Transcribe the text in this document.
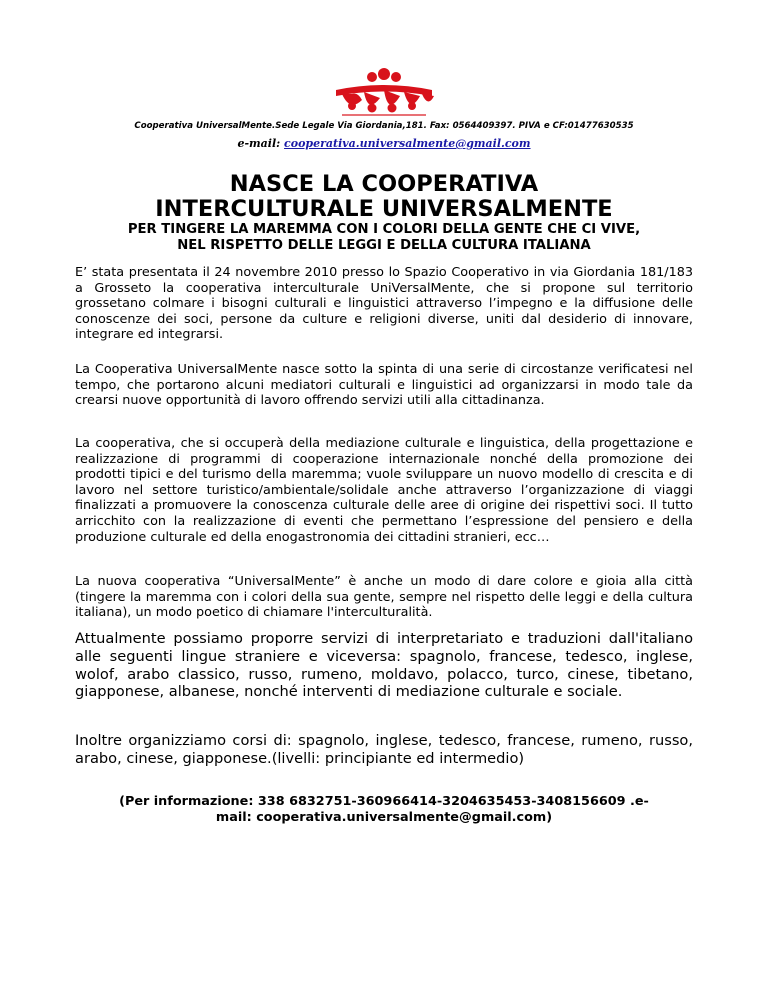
Cooperativa UniversalMente.Sede Legale Via Giordania,181. Fax: 0564409397. PIVA e CF:01477630535
e-mail: cooperativa.universalmente@gmail.com
NASCE LA COOPERATIVA
INTERCULTURALE UNIVERSALMENTE
PER TINGERE LA MAREMMA CON I COLORI DELLA GENTE CHE CI VIVE,
NEL RISPETTO DELLE LEGGI E DELLA CULTURA ITALIANA

E’ stata presentata il 24 novembre 2010 presso lo Spazio Cooperativo in via Giordania 181/183 a Grosseto la cooperativa interculturale UniVersalMente, che si propone sul territorio grossetano colmare i bisogni culturali e linguistici attraverso l’impegno e la diffusione delle conoscenze dei soci, persone da culture e religioni diverse, uniti dal desiderio di innovare, integrare ed integrarsi.

La Cooperativa UniversalMente nasce sotto la spinta di una serie di circostanze verificatesi nel tempo, che portarono alcuni mediatori culturali e linguistici ad organizzarsi in modo tale da crearsi nuove opportunità di lavoro offrendo servizi utili alla cittadinanza.

La cooperativa, che si occuperà della mediazione culturale e linguistica, della progettazione e realizzazione di programmi di cooperazione internazionale nonché della promozione dei prodotti tipici e del turismo della maremma; vuole sviluppare un nuovo modello di crescita e di lavoro nel settore turistico/ambientale/solidale anche attraverso l’organizzazione di viaggi finalizzati a promuovere la conoscenza culturale delle aree di origine dei rispettivi soci. Il tutto arricchito con la realizzazione di eventi che permettano l’espressione del pensiero e della produzione culturale ed della enogastronomia dei cittadini stranieri, ecc…

La nuova cooperativa “UniversalMente” è anche un modo di dare colore e gioia alla città (tingere la maremma con i colori della sua gente, sempre nel rispetto delle leggi e della cultura italiana), un modo poetico di chiamare l'interculturalità.

Attualmente possiamo proporre servizi di interpretariato e traduzioni dall'italiano alle seguenti lingue straniere e viceversa: spagnolo, francese, tedesco, inglese, wolof, arabo classico, russo, rumeno, moldavo, polacco, turco, cinese, tibetano, giapponese, albanese, nonché interventi di mediazione culturale e sociale.

Inoltre organizziamo corsi di: spagnolo, inglese, tedesco, francese, rumeno, russo, arabo, cinese, giapponese.(livelli: principiante ed intermedio)

(Per informazione: 338 6832751-360966414-3204635453-3408156609 .e-
mail: cooperativa.universalmente@gmail.com)
